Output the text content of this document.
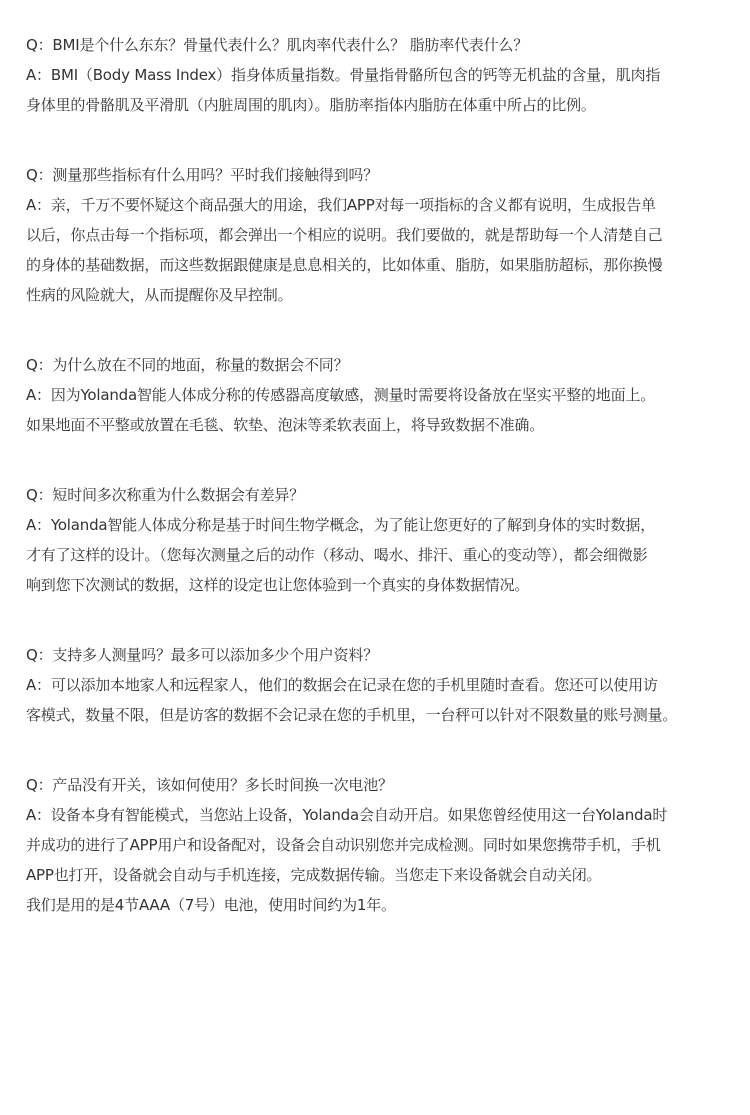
Q：BMI是个什么东东？骨量代表什么？肌肉率代表什么？ 脂肪率代表什么？
A：BMI（Body Mass Index）指身体质量指数。骨量指骨骼所包含的钙等无机盐的含量，肌肉指
身体里的骨骼肌及平滑肌（内脏周围的肌肉）。脂肪率指体内脂肪在体重中所占的比例。
Q：测量那些指标有什么用吗？平时我们接触得到吗？
A：亲，千万不要怀疑这个商品强大的用途，我们APP对每一项指标的含义都有说明，生成报告单
以后，你点击每一个指标项，都会弹出一个相应的说明。我们要做的，就是帮助每一个人清楚自己
的身体的基础数据，而这些数据跟健康是息息相关的，比如体重、脂肪，如果脂肪超标，那你换慢
性病的风险就大，从而提醒你及早控制。
Q：为什么放在不同的地面，称量的数据会不同？
A：因为Yolanda智能人体成分称的传感器高度敏感，测量时需要将设备放在坚实平整的地面上。
如果地面不平整或放置在毛毯、软垫、泡沫等柔软表面上，将导致数据不准确。
Q：短时间多次称重为什么数据会有差异？
A：Yolanda智能人体成分称是基于时间生物学概念，为了能让您更好的了解到身体的实时数据，
才有了这样的设计。（您每次测量之后的动作（移动、喝水、排汗、重心的变动等），都会细微影
响到您下次测试的数据，这样的设定也让您体验到一个真实的身体数据情况。
Q：支持多人测量吗？最多可以添加多少个用户资料？
A：可以添加本地家人和远程家人，他们的数据会在记录在您的手机里随时查看。您还可以使用访
客模式，数量不限，但是访客的数据不会记录在您的手机里，一台秤可以针对不限数量的账号测量。
Q：产品没有开关，该如何使用？多长时间换一次电池？
A：设备本身有智能模式，当您站上设备，Yolanda会自动开启。如果您曾经使用这一台Yolanda时
并成功的进行了APP用户和设备配对，设备会自动识别您并完成检测。同时如果您携带手机，手机
APP也打开，设备就会自动与手机连接，完成数据传输。当您走下来设备就会自动关闭。
我们是用的是4节AAA（7号）电池，使用时间约为1年。
